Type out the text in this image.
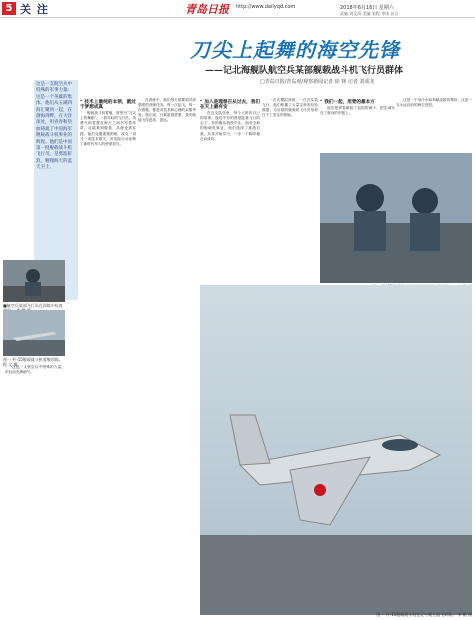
5 关 注	青岛日报 http://www.dailyqd.com	2018年6月16日 星期六
责编 刘文清 美编 张程 审读 孙言
刀尖上起舞的海空先锋
——记北海舰队航空兵某部舰载战斗机飞行员群体
□青岛日报/青岛观/观察新闻记者 徐 锋 记者 刘成龙
这是一支航空兵中特殊的军事力量；这是一个英雄的集体。他们从五湖四海汇聚到一起，在渤海湾畔，在大洋深处，用青春和热血铸就了中国海军舰载战斗机事业的辉煌。他们是中国第一批舰载战斗机飞行员，是劈波斩浪、翱翔海天的蓝天卫士。

这是一支航空兵中特殊的力量，年轻而充满朝气。

■航空兵某部飞行员在训练中检查
图一 歼-15舰载战斗机着舰训练。 程 文 摄
“ 技术上最纯的本领，就过于梦想成真

舰载战斗机着舰，被誉为“刀尖上的舞蹈”。一群年轻的飞行员，用勇气和智慧在海天之间书写着传奇。从陆基到舰基，从理论到实践，他们克服重重困难，攻克一项又一项技术难关，用实际行动诠释了新时代军人的使命担当。

在训练中，他们每天都要面对高强度的训练任务。每一次起飞，每一次着舰，都是对技术和心理的双重考验。他们说，只要祖国需要，我们就能飞得更高、更远。

“ 加入是理想召从过去，我们在天上最有安

在这支队伍里，每个人都有自己的故事。他们中有的曾是陆基飞行的尖子，有的刚从航校毕业。面对全新的舰载机事业，他们选择了挑战自我，从零开始学习，一步一个脚印地走向成功。

一次次模拟训练，一次次实装飞行，他们积累了大量宝贵的经验数据，为后续的舰载机飞行员培养打下了坚实的基础。

“ 我们一起，用青的最本方

他们把青春献给了祖国的海天，把忠诚写在了航母的甲板上。

这是一个用汗水和奉献浇筑的集体，这是一支永远向前的海空劲旅。

图一 歼-15舰载战斗机在辽宁舰上起飞训练。 李 鹏 摄
